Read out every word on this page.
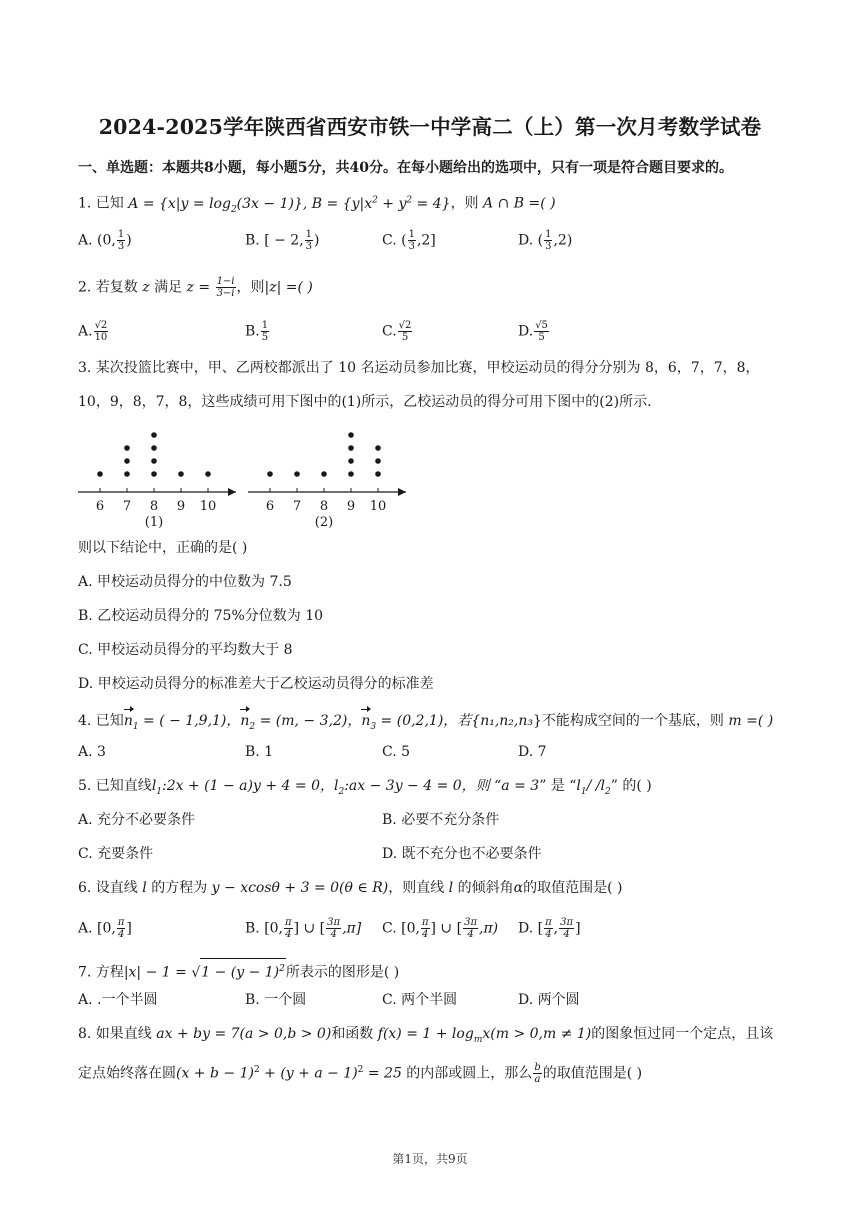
2024-2025学年陕西省西安市铁一中学高二（上）第一次月考数学试卷
一、单选题：本题共8小题，每小题5分，共40分。在每小题给出的选项中，只有一项是符合题目要求的。
1. 已知 $A = \{x|y = \log_2(3x - 1)\}$, $B = \{y|x^2 + y^2 = 4\}$，则 A ∩ B =( )
A. (0, $\frac{1}{3}$ )	B. [ − 2, $\frac{1}{3}$ )	C. ( $\frac{1}{3} ,2$]	D. ( $\frac{1}{3} ,2$)
2. 若复数 z 满足 $z = \frac{1-i}{3-i}$ ，则|z| =( )
A. $\frac{√2}{10}$	B. $\frac{1}{5}$	C. $\frac{√2}{5}$	D. $\frac{√5}{5}$
3. 某次投篮比赛中，甲、乙两校都派出了 10 名运动员参加比赛，甲校运动员的得分分别为 8，6，7，7，8，
10，9，8，7，8，这些成绩可用下图中的(1)所示，乙校运动员的得分可用下图中的(2)所示.
6 7 8 9 10
(1)
6 7 8 9 10
(2)
则以下结论中，正确的是( )
A. 甲校运动员得分的中位数为 7.5
B. 乙校运动员得分的 75%分位数为 10
C. 甲校运动员得分的平均数大于 8
D. 甲校运动员得分的标准差大于乙校运动员得分的标准差
4. 已知$n_1$ = ( − 1,9,1)，$n_2 = (m$, − 3,2)，$n_3 = (0,2,1)$，若{n₁,n₂,n₃}不能构成空间的一个基底，则 m =( )
A. 3	B. 1	C. 5	D. 7
5. 已知直线$l_1:2x + (1 - a)y + 4 = 0$，$l_2:ax - 3y - 4 = 0$，则 “a = 3” 是 “$l_1/$ $/l_2$” 的( )
A. 充分不必要条件	B. 必要不充分条件
C. 充要条件	D. 既不充分也不必要条件
6. 设直线 l 的方程为 y − xcosθ + 3 = 0(θ ∈ R)，则直线 l 的倾斜角α的取值范围是( )
A. [0, $\frac{\pi}{4}$ ]	B. [0, $\frac{\pi}{4}$ ] ∪ [ $\frac{3\pi}{4} ,\pi$] C. [0, $\frac{\pi}{4}$ ] ∪ [ $\frac{3\pi}{4} ,\pi$) D. [ $\frac{\pi}{4}$ , $\frac{3\pi}{4}$ ]
7. 方程$|x| - 1 = √1 - (y - 1)^2$所表示的图形是( )
A. .一个半圆	B. 一个圆	C. 两个半圆	D. 两个圆
8. 如果直线 ax + by = 7(a > 0,b > 0)和函数 $f(x) = 1 + \log_mx(m > 0,m \ne 1)$的图象恒过同一个定点，且该
定点始终落在圆$(x + b - 1)^2 + (y + a - 1)^2 = 25$ 的内部或圆上，那么 $\frac{b}{a}$ 的取值范围是( )
第1页，共9页
